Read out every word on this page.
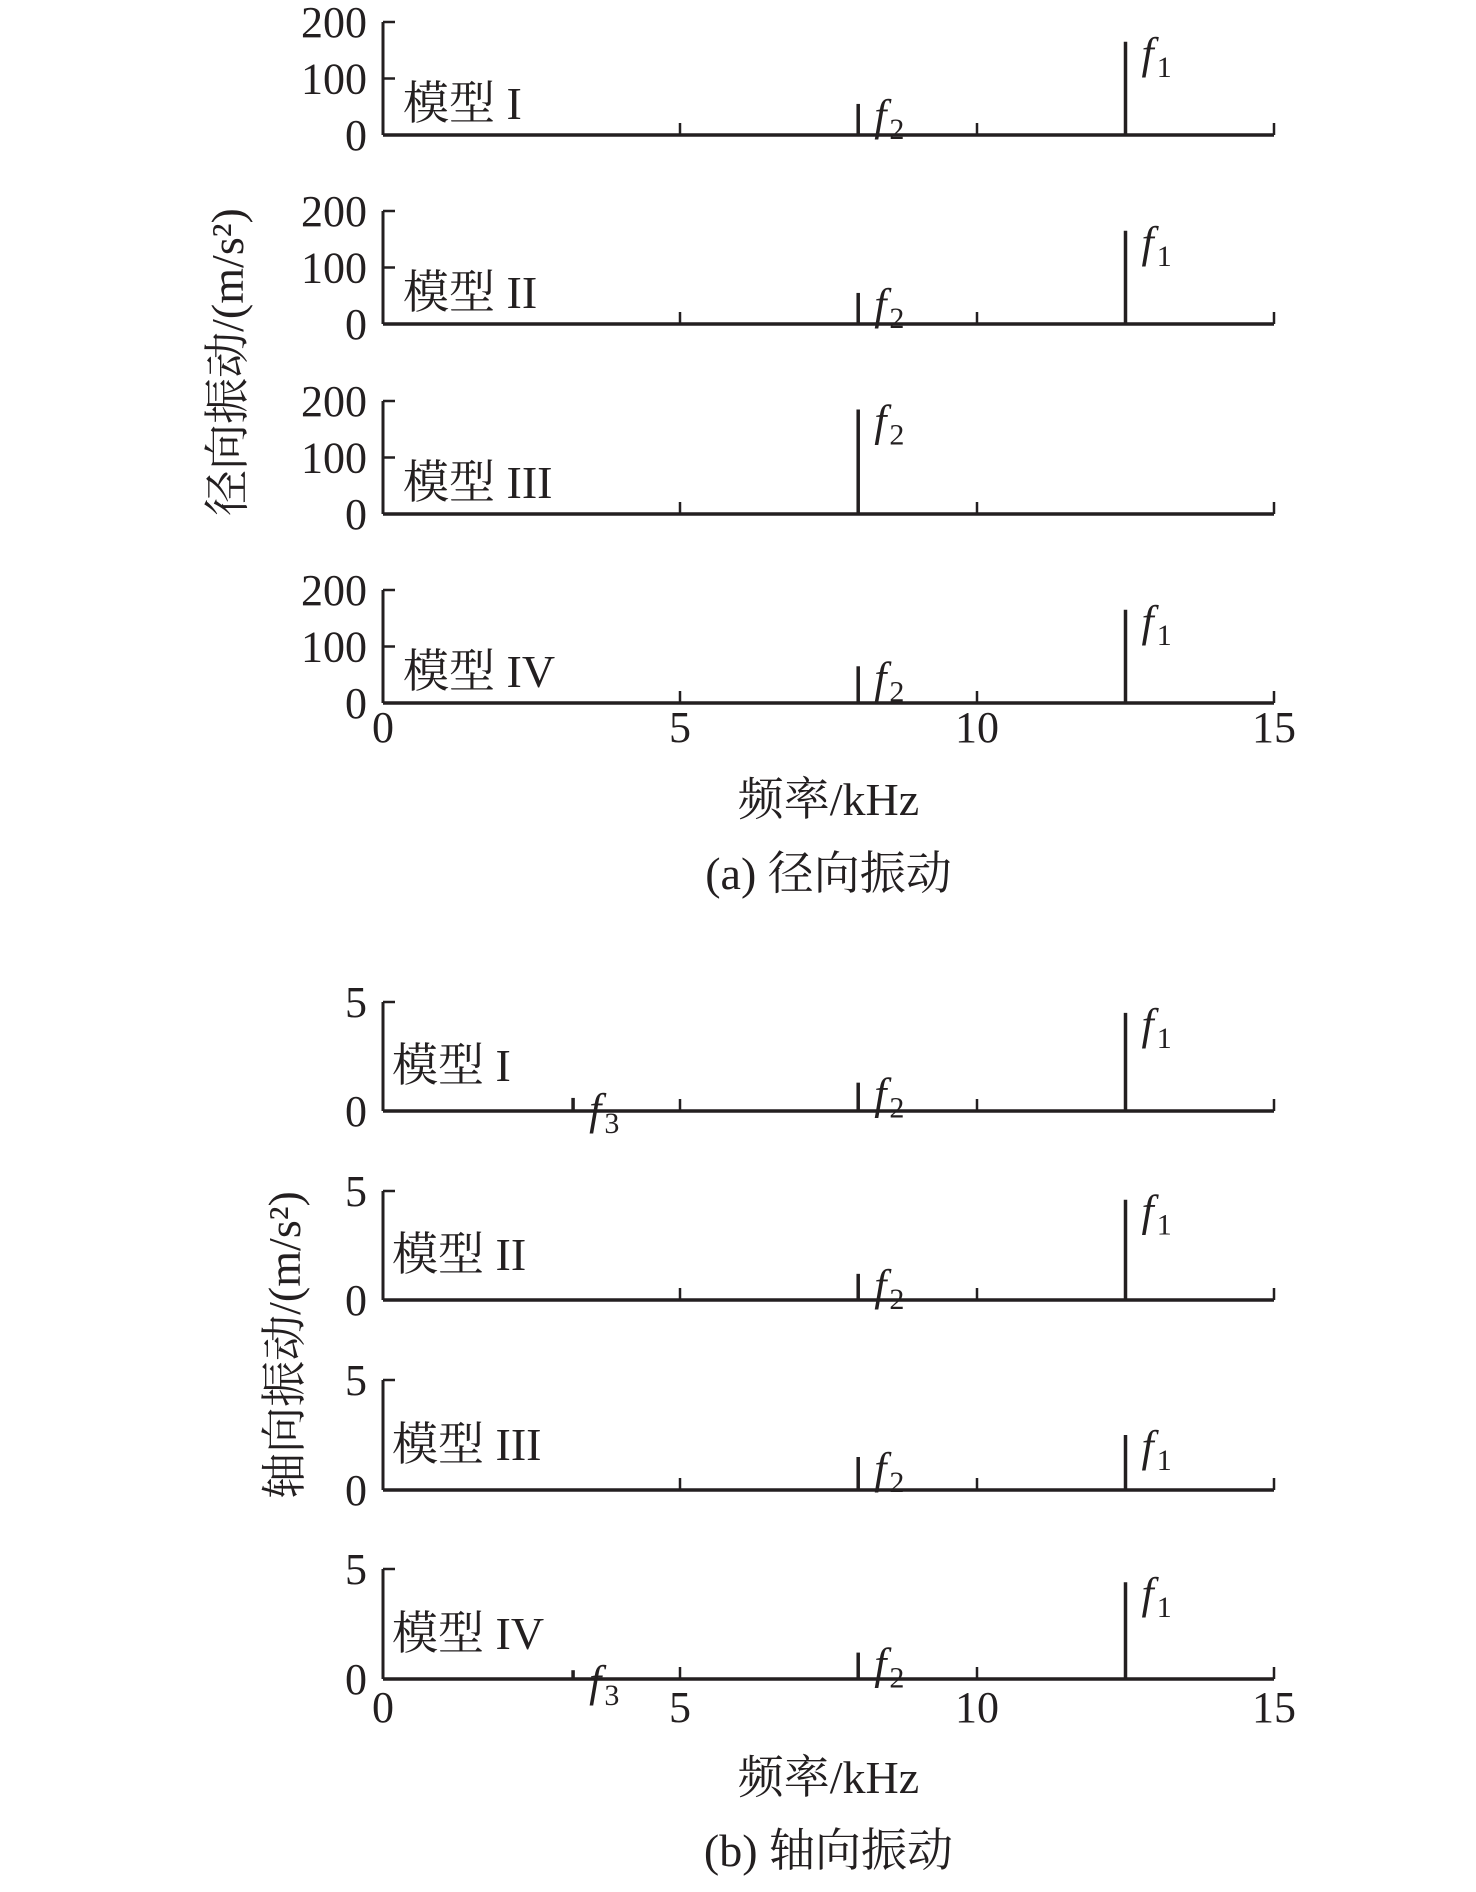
0
100
200
模型 I	f $_2$
f $_1$
0
100
200
模型 II	f $_2$
f $_1$
0
100
200
模型 III
f $_2$
0
100
200
模型 IV	f $_2$
f $_1$
0	5	10	15
频率/kHz
径向振动/(m/s²)
(a) 径向振动
0
5
模型 I
f $_3$
f $_2$
f $_1$
0
5
模型 II
f $_2$
f $_1$
0
5
模型 III	f $_2$
f $_1$
0
5
模型 IV
f $_3$
f $_2$
f $_1$
0	5	10	15
频率/kHz
轴向振动/(m/s²)
(b) 轴向振动
